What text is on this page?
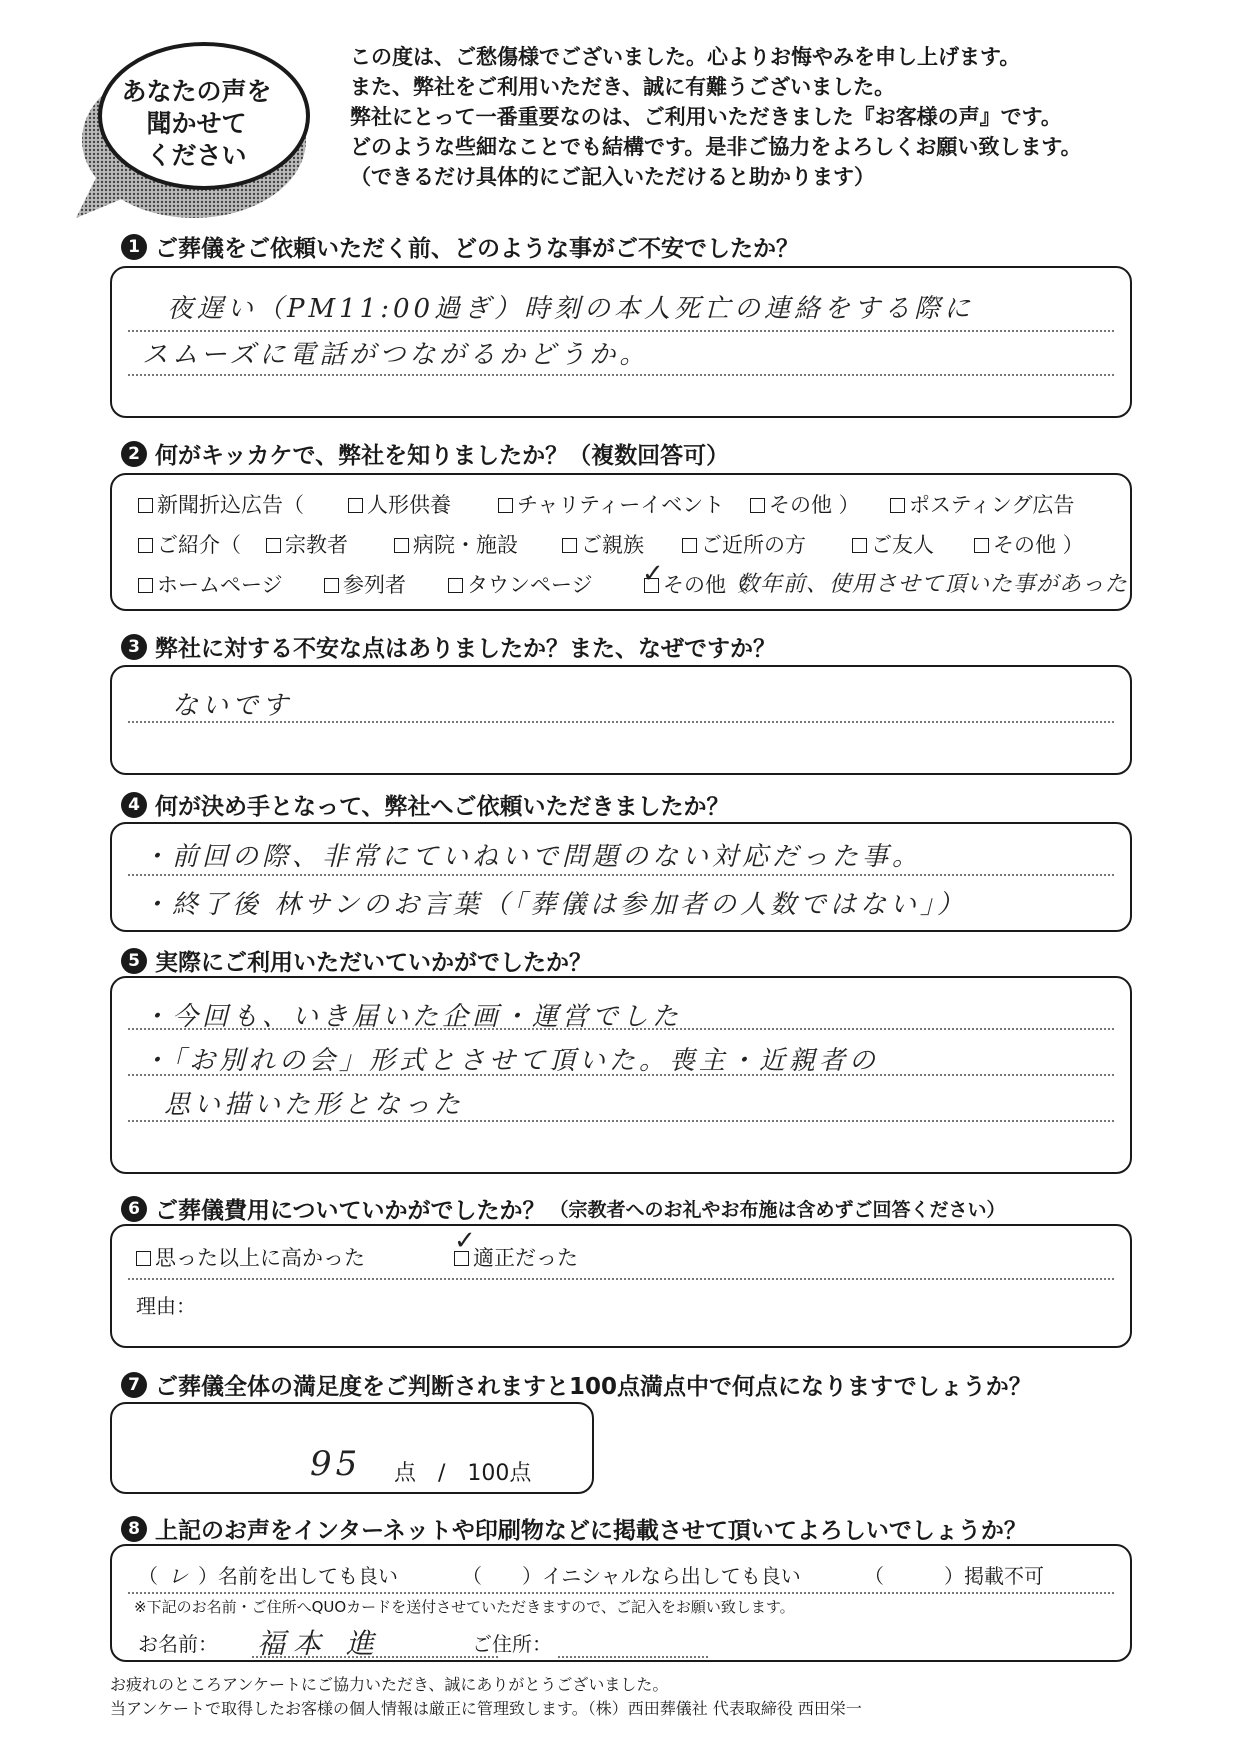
あなたの声を
聞かせて
ください
この度は、ご愁傷様でございました。心よりお悔やみを申し上げます。
また、弊社をご利用いただき、誠に有難うございました。
弊社にとって一番重要なのは、ご利用いただきました『お客様の声』です。
どのような些細なことでも結構です。是非ご協力をよろしくお願い致します。
（できるだけ具体的にご記入いただけると助かります）
1 ご葬儀をご依頼いただく前、どのような事がご不安でしたか？
夜遅い（PM11:00過ぎ）時刻の本人死亡の連絡をする際に
スムーズに電話がつながるかどうか。
2 何がキッカケで、弊社を知りましたか？（複数回答可）
新聞折込広告（	人形供養	チャリティーイベント	その他 ）	ポスティング広告
ご紹介（	宗教者	病院・施設	ご親族	ご近所の方	ご友人	その他 ）
ホームページ	参列者	タウンページ	その他（
✓	数年前、使用させて頂いた事があった
3 弊社に対する不安な点はありましたか？また、なぜですか？
ないです
4 何が決め手となって、弊社へご依頼いただきましたか？
・前回の際、非常にていねいで問題のない対応だった事。
・終了後 林サンのお言葉（「葬儀は参加者の人数ではない」）
5 実際にご利用いただいていかがでしたか？
・今回も、いき届いた企画・運営でした
・「お別れの会」形式とさせて頂いた。喪主・近親者の
思い描いた形となった
6 ご葬儀費用についていかがでしたか？ （宗教者へのお礼やお布施は含めずご回答ください）
思った以上に高かった	適正だった
✓
理由：
7 ご葬儀全体の満足度をご判断されますと100点満点中で何点になりますでしょうか？
95 点　/　100点
8 上記のお声をインターネットや印刷物などに掲載させて頂いてよろしいでしょうか？
（ レ ）名前を出しても良い	（ ）イニシャルなら出しても良い	（	）掲載不可
※下記のお名前・ご住所へQUOカードを送付させていただきますので、ご記入をお願い致します。
お名前： 福本 進	ご住所：
お疲れのところアンケートにご協力いただき、誠にありがとうございました。
当アンケートで取得したお客様の個人情報は厳正に管理致します。（株）西田葬儀社 代表取締役 西田栄一
